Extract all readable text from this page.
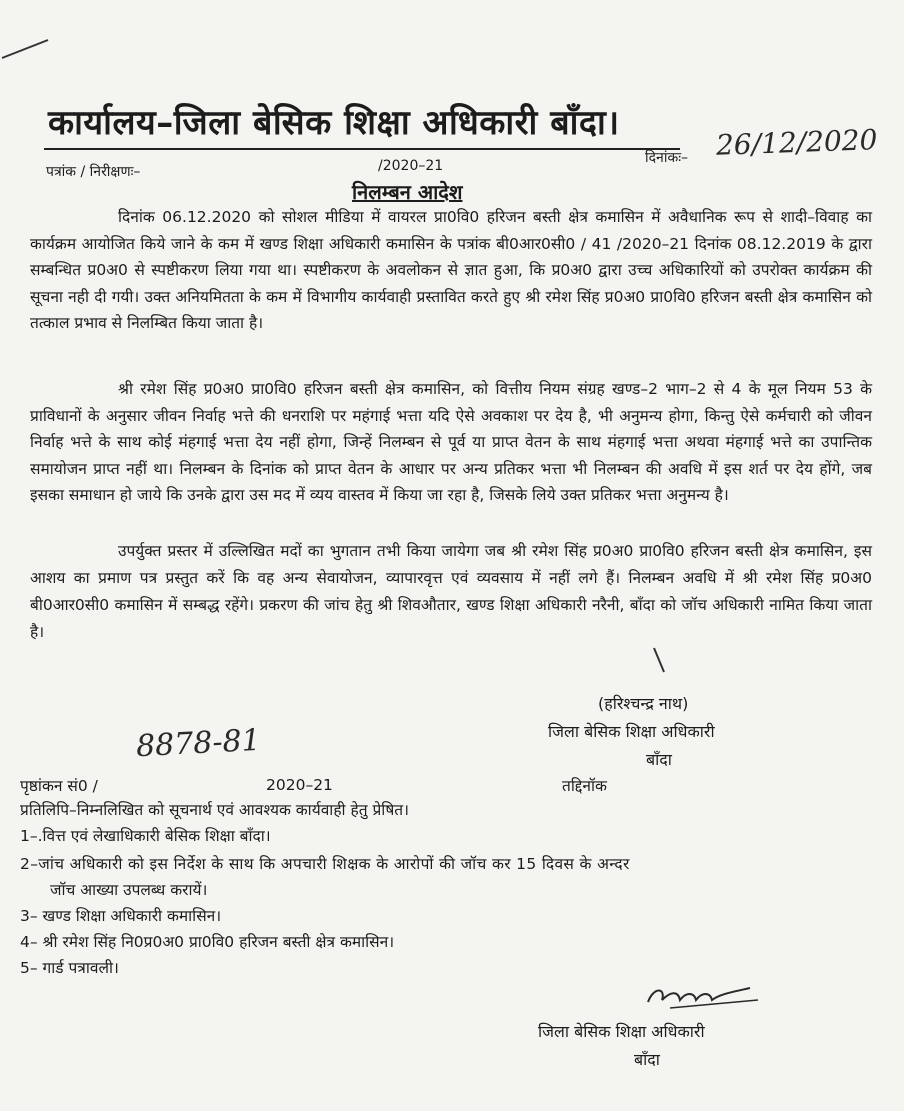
कार्यालय–जिला बेसिक शिक्षा अधिकारी बाँदा।
पत्रांक / निरीक्षणः–	/2020–21	दिनांकः– 26/12/2020
निलम्बन आदेश
दिनांक 06.12.2020 को सोशल मीडिया में वायरल प्रा0वि0 हरिजन बस्ती क्षेत्र कमासिन में अवैधानिक रूप से शादी–विवाह का कार्यक्रम आयोजित किये जाने के कम में खण्ड शिक्षा अधिकारी कमासिन के पत्रांक बी0आर0सी0 / 41 /2020–21 दिनांक 08.12.2019 के द्वारा सम्बन्धित प्र0अ0 से स्पष्टीकरण लिया गया था। स्पष्टीकरण के अवलोकन से ज्ञात हुआ, कि प्र0अ0 द्वारा उच्च अधिकारियों को उपरोक्त कार्यक्रम की सूचना नही दी गयी। उक्त अनियमितता के कम में विभागीय कार्यवाही प्रस्तावित करते हुए श्री रमेश सिंह प्र0अ0 प्रा0वि0 हरिजन बस्ती क्षेत्र कमासिन को तत्काल प्रभाव से निलम्बित किया जाता है।
श्री रमेश सिंह प्र0अ0 प्रा0वि0 हरिजन बस्ती क्षेत्र कमासिन, को वित्तीय नियम संग्रह खण्ड–2 भाग–2 से 4 के मूल नियम 53 के प्राविधानों के अनुसार जीवन निर्वाह भत्ते की धनराशि पर महंगाई भत्ता यदि ऐसे अवकाश पर देय है, भी अनुमन्य होगा, किन्तु ऐसे कर्मचारी को जीवन निर्वाह भत्ते के साथ कोई मंहगाई भत्ता देय नहीं होगा, जिन्हें निलम्बन से पूर्व या प्राप्त वेतन के साथ मंहगाई भत्ता अथवा मंहगाई भत्ते का उपान्तिक समायोजन प्राप्त नहीं था। निलम्बन के दिनांक को प्राप्त वेतन के आधार पर अन्य प्रतिकर भत्ता भी निलम्बन की अवधि में इस शर्त पर देय होंगे, जब इसका समाधान हो जाये कि उनके द्वारा उस मद में व्यय वास्तव में किया जा रहा है, जिसके लिये उक्त प्रतिकर भत्ता अनुमन्य है।
उपर्युक्त प्रस्तर में उल्लिखित मदों का भुगतान तभी किया जायेगा जब श्री रमेश सिंह प्र0अ0 प्रा0वि0 हरिजन बस्ती क्षेत्र कमासिन, इस आशय का प्रमाण पत्र प्रस्तुत करें कि वह अन्य सेवायोजन, व्यापारवृत्त एवं व्यवसाय में नहीं लगे हैं। निलम्बन अवधि में श्री रमेश सिंह प्र0अ0 बी0आर0सी0 कमासिन में सम्बद्ध रहेंगे। प्रकरण की जांच हेतु श्री शिवऔतार, खण्ड शिक्षा अधिकारी नरैनी, बाँदा को जॉच अधिकारी नामित किया जाता है।
(हरिश्चन्द्र नाथ)
जिला बेसिक शिक्षा अधिकारी
बाँदा
8878-81
पृष्ठांकन सं0 /	2020–21	तद्दिनॉक
प्रतिलिपि–निम्नलिखित को सूचनार्थ एवं आवश्यक कार्यवाही हेतु प्रेषित।
1–.वित्त एवं लेखाधिकारी बेसिक शिक्षा बाँदा।
2–जांच अधिकारी को इस निर्देश के साथ कि अपचारी शिक्षक के आरोपों की जॉच कर 15 दिवस के अन्दर
जॉच आख्या उपलब्ध करायें।
3– खण्ड शिक्षा अधिकारी कमासिन।
4– श्री रमेश सिंह नि0प्र0अ0 प्रा0वि0 हरिजन बस्ती क्षेत्र कमासिन।
5– गार्ड पत्रावली।
जिला बेसिक शिक्षा अधिकारी
बाँदा
